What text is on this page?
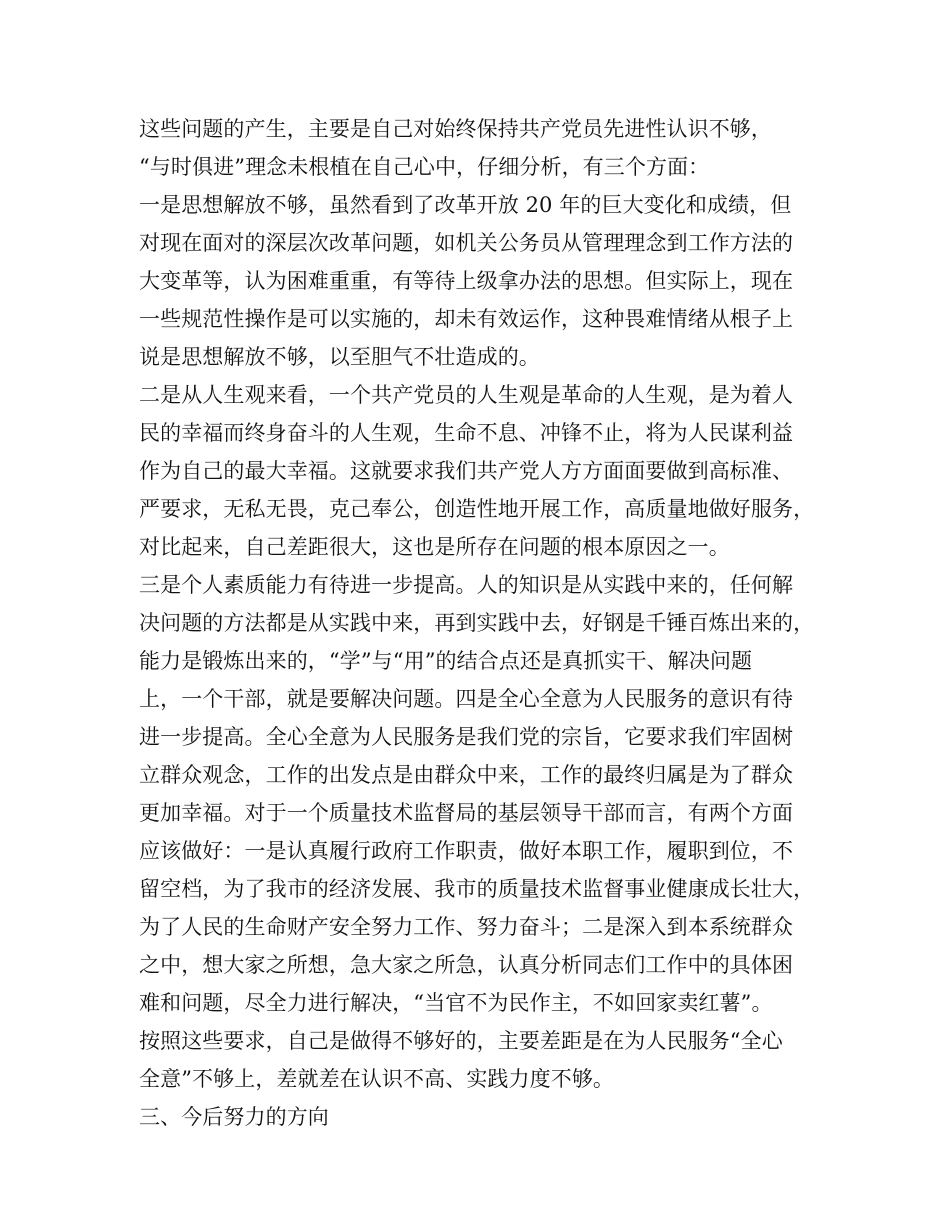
这些问题的产生，主要是自己对始终保持共产党员先进性认识不够，
“与时俱进”理念未根植在自己心中，仔细分析，有三个方面：
一是思想解放不够，虽然看到了改革开放 20 年的巨大变化和成绩，但
对现在面对的深层次改革问题，如机关公务员从管理理念到工作方法的
大变革等，认为困难重重，有等待上级拿办法的思想。但实际上，现在
一些规范性操作是可以实施的，却未有效运作，这种畏难情绪从根子上
说是思想解放不够，以至胆气不壮造成的。
二是从人生观来看，一个共产党员的人生观是革命的人生观，是为着人
民的幸福而终身奋斗的人生观，生命不息、冲锋不止，将为人民谋利益
作为自己的最大幸福。这就要求我们共产党人方方面面要做到高标准、
严要求，无私无畏，克己奉公，创造性地开展工作，高质量地做好服务，
对比起来，自己差距很大，这也是所存在问题的根本原因之一。
三是个人素质能力有待进一步提高。人的知识是从实践中来的，任何解
决问题的方法都是从实践中来，再到实践中去，好钢是千锤百炼出来的，
能力是锻炼出来的，“学”与“用”的结合点还是真抓实干、解决问题
上，一个干部，就是要解决问题。四是全心全意为人民服务的意识有待
进一步提高。全心全意为人民服务是我们党的宗旨，它要求我们牢固树
立群众观念，工作的出发点是由群众中来，工作的最终归属是为了群众
更加幸福。对于一个质量技术监督局的基层领导干部而言，有两个方面
应该做好：一是认真履行政府工作职责，做好本职工作，履职到位，不
留空档，为了我市的经济发展、我市的质量技术监督事业健康成长壮大，
为了人民的生命财产安全努力工作、努力奋斗；二是深入到本系统群众
之中，想大家之所想，急大家之所急，认真分析同志们工作中的具体困
难和问题，尽全力进行解决，“当官不为民作主，不如回家卖红薯”。
按照这些要求，自己是做得不够好的，主要差距是在为人民服务“全心
全意”不够上，差就差在认识不高、实践力度不够。
三、今后努力的方向
